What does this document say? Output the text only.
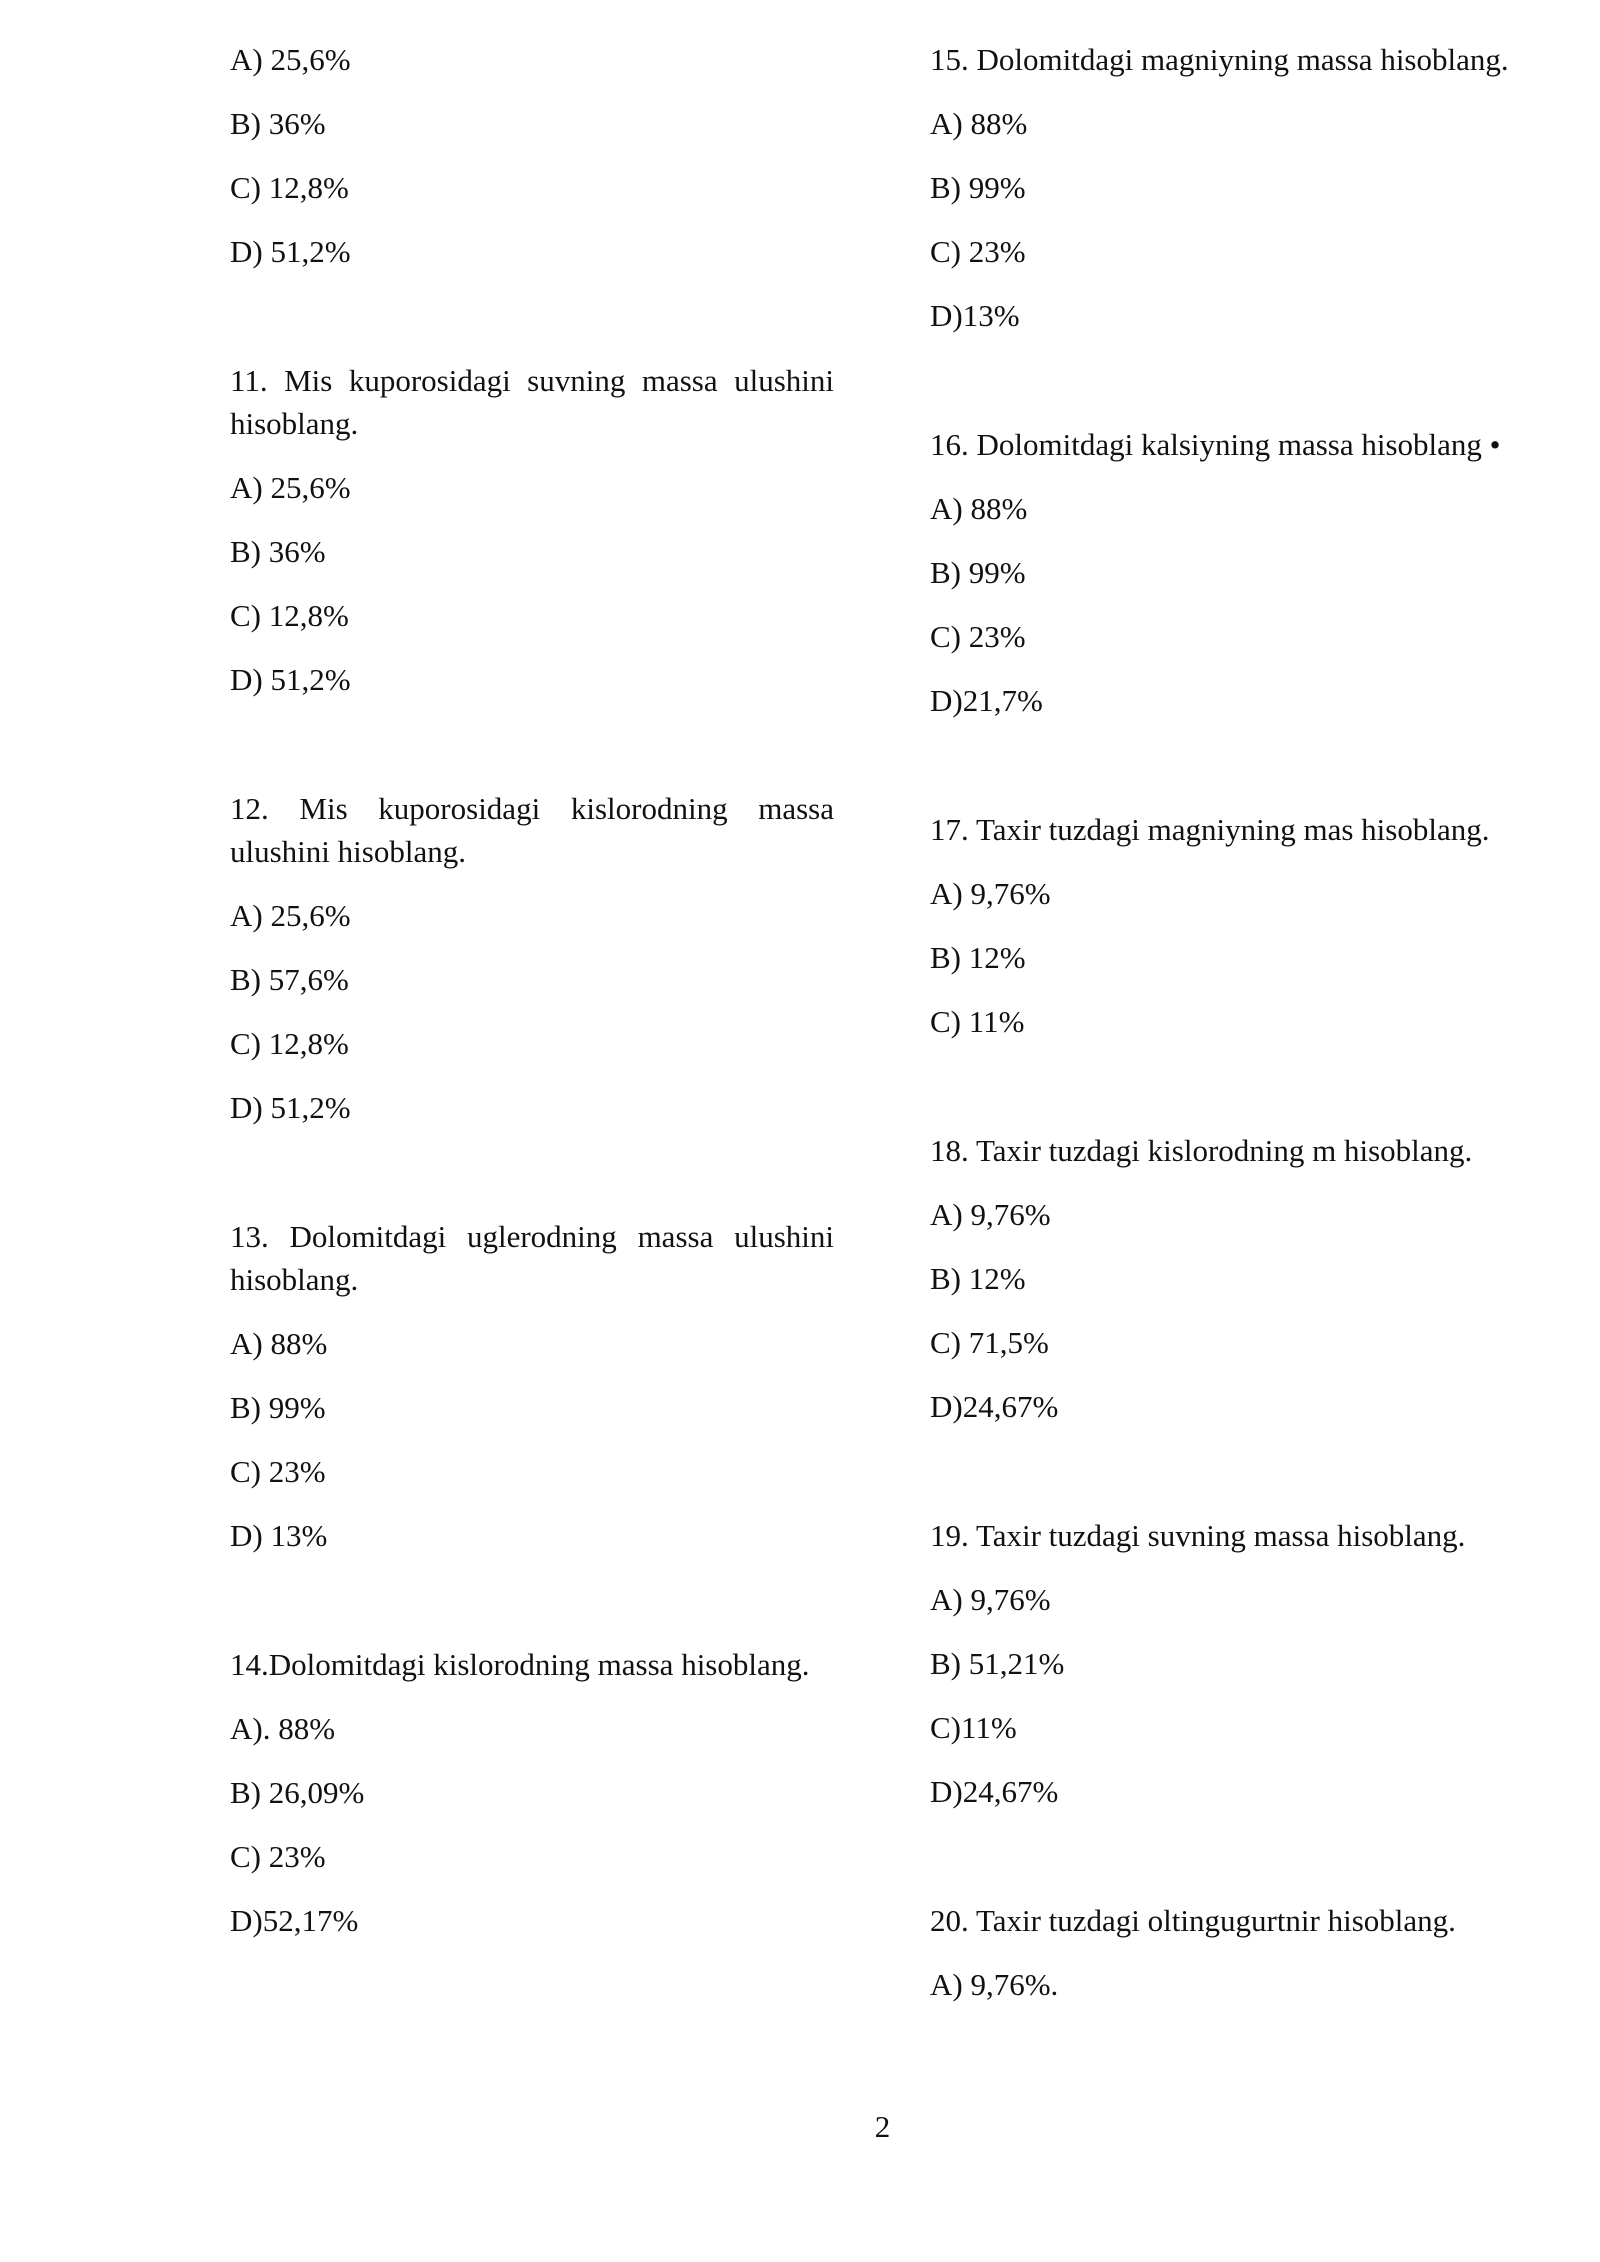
A) 25,6%

B) 36%

C) 12,8%

D) 51,2%

11. Mis kuporosidagi suvning massa ulushini hisoblang.

A) 25,6%

B) 36%

C) 12,8%

D) 51,2%

12. Mis kuporosidagi kislorodning massa ulushini hisoblang.

A) 25,6%

B) 57,6%

C) 12,8%

D) 51,2%

13. Dolomitdagi uglerodning massa ulushini hisoblang.

A) 88%

B) 99%

C) 23%

D) 13%

14.Dolomitdagi kislorodning massa hisoblang.

A). 88%

B) 26,09%

C) 23%

D)52,17%

15. Dolomitdagi magniyning massa hisoblang.

A) 88%

B) 99%

C) 23%

D)13%

16. Dolomitdagi kalsiyning massa hisoblang •

A) 88%

B) 99%

C) 23%

D)21,7%

17. Taxir tuzdagi magniyning mas hisoblang.

A) 9,76%

B) 12%

C) 11%

18. Taxir tuzdagi kislorodning m hisoblang.

A) 9,76%

B) 12%

C) 71,5%

D)24,67%

19. Taxir tuzdagi suvning massa hisoblang.

A) 9,76%

B) 51,21%

C)11%

D)24,67%

20. Taxir tuzdagi oltingugurtnir hisoblang.

A) 9,76%.

2
